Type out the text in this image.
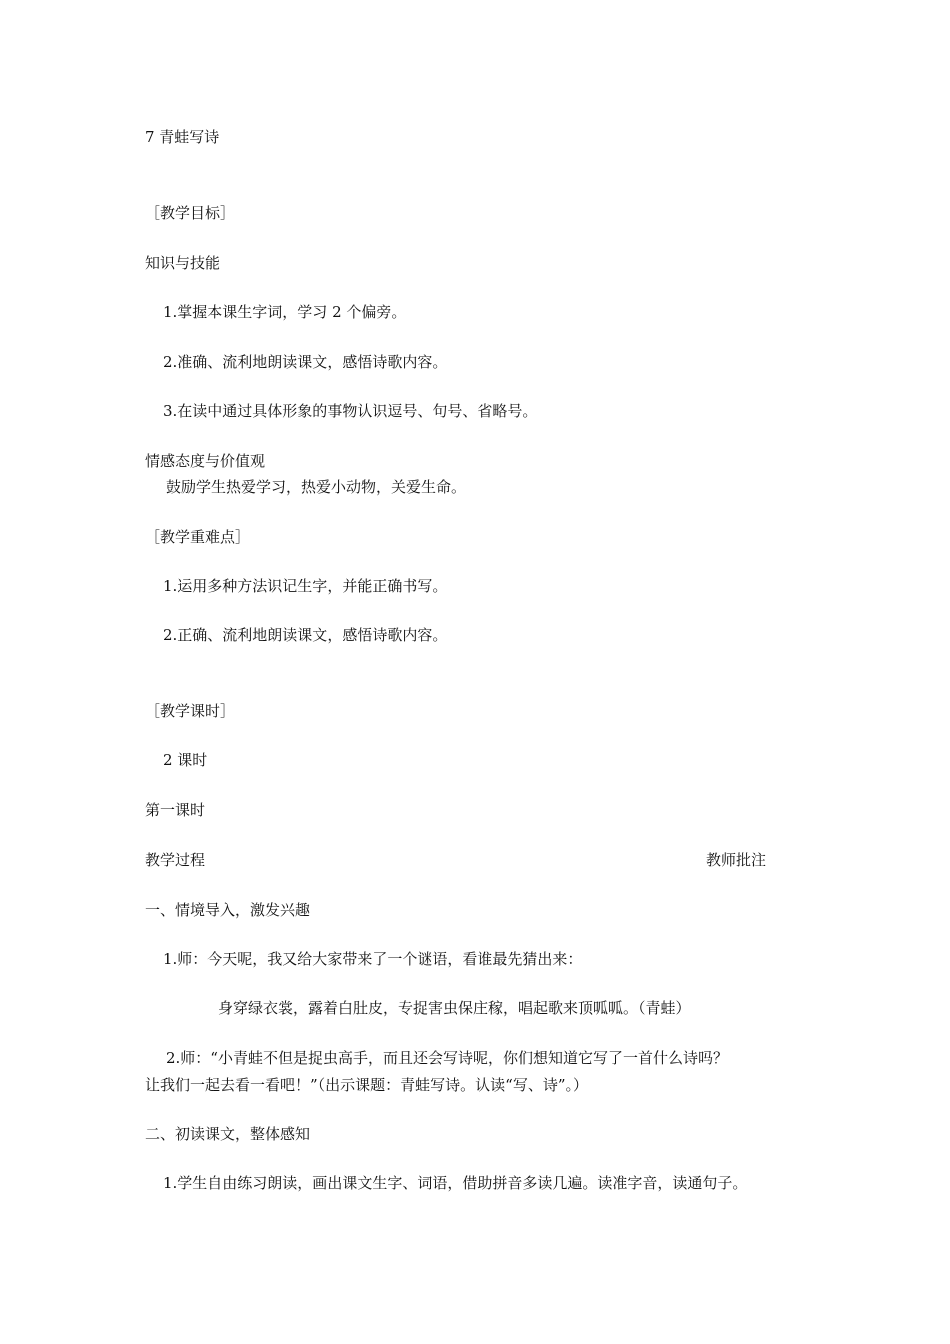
7 青蛙写诗
［教学目标］
知识与技能
1.掌握本课生字词，学习 2 个偏旁。
2.准确、流利地朗读课文，感悟诗歌内容。
3.在读中通过具体形象的事物认识逗号、句号、省略号。
情感态度与价值观
鼓励学生热爱学习，热爱小动物，关爱生命。
［教学重难点］
1.运用多种方法识记生字，并能正确书写。
2.正确、流利地朗读课文，感悟诗歌内容。
［教学课时］
2 课时
第一课时
教学过程	教师批注
一、情境导入，激发兴趣
1.师：今天呢，我又给大家带来了一个谜语，看谁最先猜出来：
身穿绿衣裳，露着白肚皮，专捉害虫保庄稼，唱起歌来顶呱呱。（青蛙）
2.师：“小青蛙不但是捉虫高手，而且还会写诗呢，你们想知道它写了一首什么诗吗？
让我们一起去看一看吧！”（出示课题：青蛙写诗。认读“写、诗”。）
二、初读课文，整体感知
1.学生自由练习朗读，画出课文生字、词语，借助拼音多读几遍。读准字音，读通句子。
